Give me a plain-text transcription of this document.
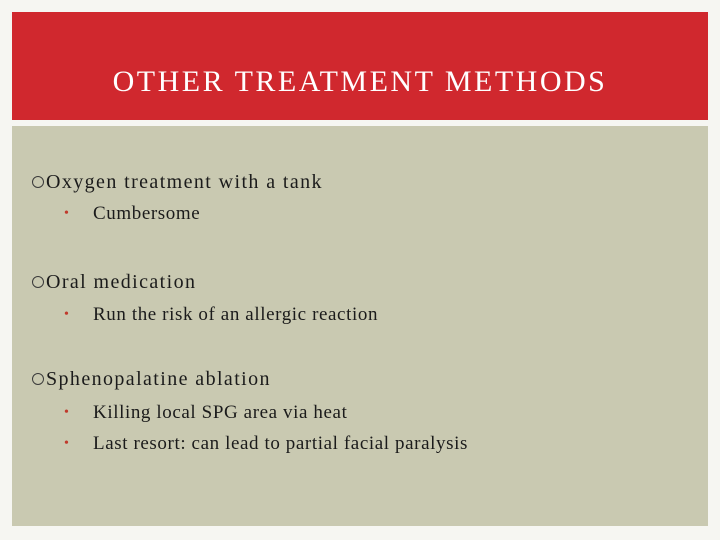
OTHER TREATMENT METHODS
Oxygen treatment with a tank
• Cumbersome
Oral medication
• Run the risk of an allergic reaction
Sphenopalatine ablation
• Killing local SPG area via heat
• Last resort: can lead to partial facial paralysis
